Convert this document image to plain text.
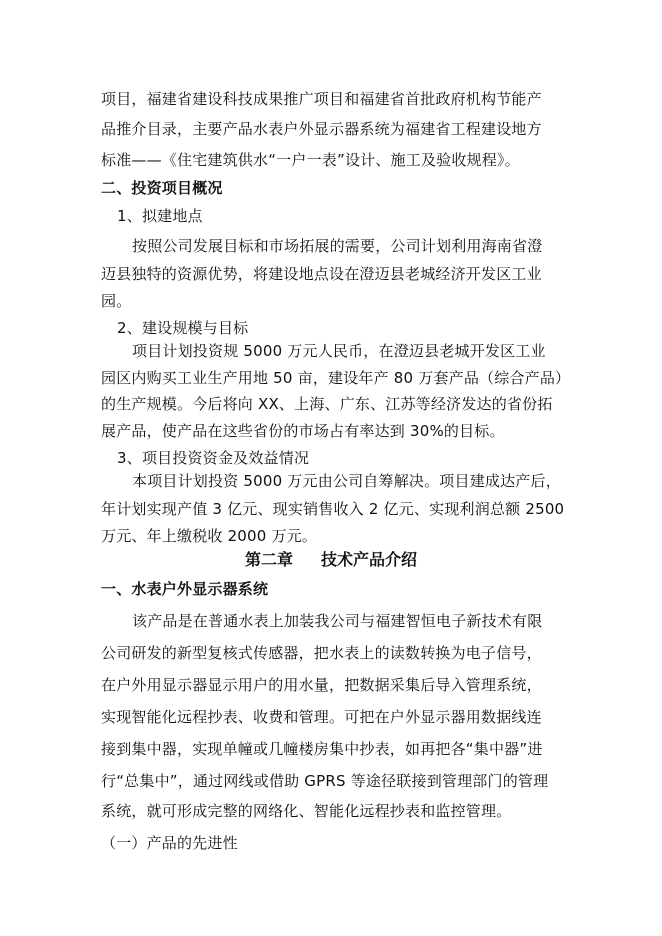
项目，福建省建设科技成果推广项目和福建省首批政府机构节能产
品推介目录，主要产品水表户外显示器系统为福建省工程建设地方
标准——《住宅建筑供水“一户一表”设计、施工及验收规程》。
二、投资项目概况
1、拟建地点
按照公司发展目标和市场拓展的需要，公司计划利用海南省澄
迈县独特的资源优势，将建设地点设在澄迈县老城经济开发区工业
园。
2、建设规模与目标
项目计划投资规 5000 万元人民币，在澄迈县老城开发区工业
园区内购买工业生产用地 50 亩，建设年产 80 万套产品（综合产品）
的生产规模。今后将向 XX、上海、广东、江苏等经济发达的省份拓
展产品，使产品在这些省份的市场占有率达到 30%的目标。
3、项目投资资金及效益情况
本项目计划投资 5000 万元由公司自筹解决。项目建成达产后，
年计划实现产值 3 亿元、现实销售收入 2 亿元、实现利润总额 2500
万元、年上缴税收 2000 万元。
第二章 技术产品介绍
一、水表户外显示器系统
该产品是在普通水表上加装我公司与福建智恒电子新技术有限
公司研发的新型复核式传感器，把水表上的读数转换为电子信号，
在户外用显示器显示用户的用水量，把数据采集后导入管理系统，
实现智能化远程抄表、收费和管理。可把在户外显示器用数据线连
接到集中器，实现单幢或几幢楼房集中抄表，如再把各“集中器”进
行“总集中”，通过网线或借助 GPRS 等途径联接到管理部门的管理
系统，就可形成完整的网络化、智能化远程抄表和监控管理。
（一）产品的先进性
